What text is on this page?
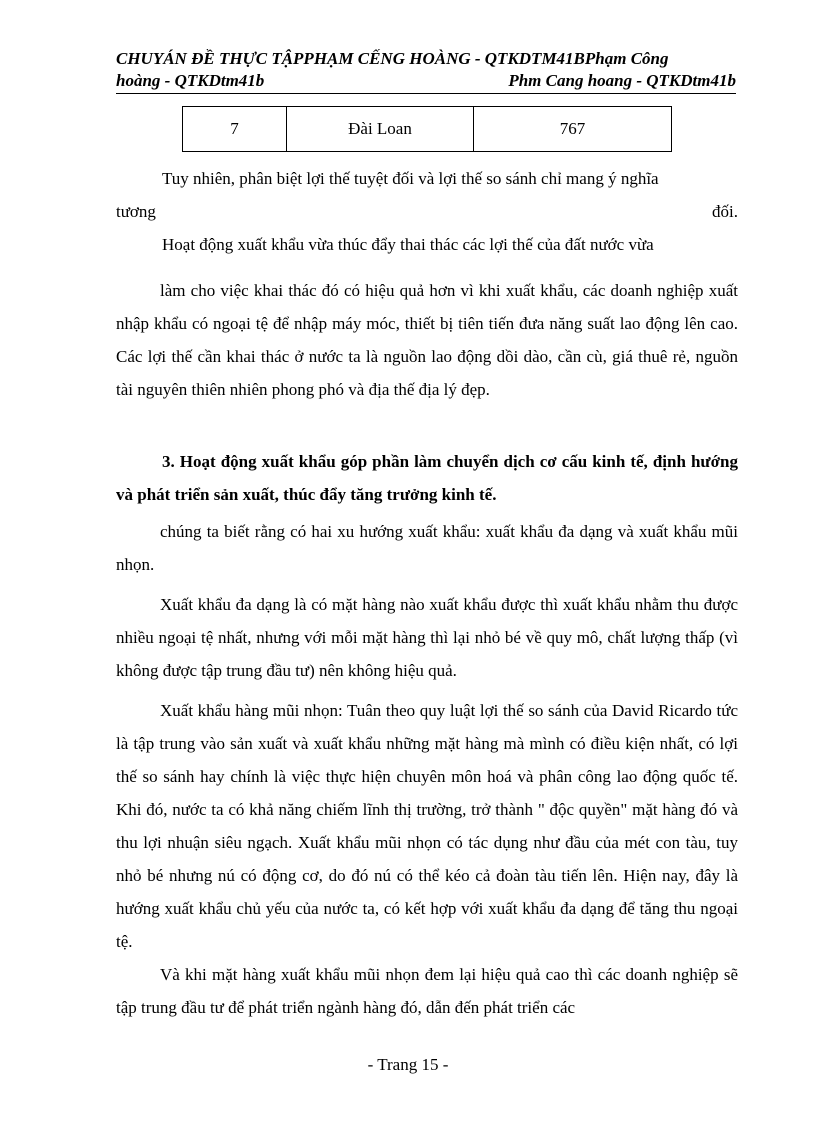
CHUYÁN ĐỀ THỰC TẬPPHẠM CẾNG HOÀNG - QTKDTM41BPhạm Công
hoàng - QTKDtm41b	Phm Cang hoang - QTKDtm41b
7	Đài Loan	767
Tuy nhiên, phân biệt lợi thế tuyệt đối và lợi thế so sánh chỉ mang ý nghĩa
tương	đối.
Hoạt động xuất khẩu vừa thúc đẩy thai thác các lợi thế của đất nước vừa
làm cho việc khai thác đó có hiệu quả hơn vì khi xuất khẩu, các doanh nghiệp xuất nhập khẩu có ngoại tệ để nhập máy móc, thiết bị tiên tiến đưa năng suất lao động lên cao. Các lợi thế cần khai thác ở nước ta là nguồn lao động dồi dào, cần cù, giá thuê rẻ, nguồn tài nguyên thiên nhiên phong phó và địa thế địa lý đẹp.
3. Hoạt động xuất khẩu góp phần làm chuyển dịch cơ cấu kinh tế, định hướng và phát triển sản xuất, thúc đẩy tăng trưởng kinh tế.
chúng ta biết rằng có hai xu hướng xuất khẩu: xuất khẩu đa dạng và xuất khẩu mũi nhọn.
Xuất khẩu đa dạng là có mặt hàng nào xuất khẩu được thì xuất khẩu nhằm thu được nhiều ngoại tệ nhất, nhưng với mỗi mặt hàng thì lại nhỏ bé về quy mô, chất lượng thấp (vì không được tập trung đầu tư) nên không hiệu quả.
Xuất khẩu hàng mũi nhọn: Tuân theo quy luật lợi thế so sánh của David Ricardo tức là tập trung vào sản xuất và xuất khẩu những mặt hàng mà mình có điều kiện nhất, có lợi thế so sánh hay chính là việc thực hiện chuyên môn hoá và phân công lao động quốc tế. Khi đó, nước ta có khả năng chiếm lĩnh thị trường, trở thành " độc quyền" mặt hàng đó và thu lợi nhuận siêu ngạch. Xuất khẩu mũi nhọn có tác dụng như đầu của mét con tàu, tuy nhỏ bé nhưng nú có động cơ, do đó nú có thể kéo cả đoàn tàu tiến lên. Hiện nay, đây là hướng xuất khẩu chủ yếu của nước ta, có kết hợp với xuất khẩu đa dạng để tăng thu ngoại tệ.
Và khi mặt hàng xuất khẩu mũi nhọn đem lại hiệu quả cao thì các doanh nghiệp sẽ tập trung đầu tư để phát triển ngành hàng đó, dẫn đến phát triển các
- Trang 15 -
